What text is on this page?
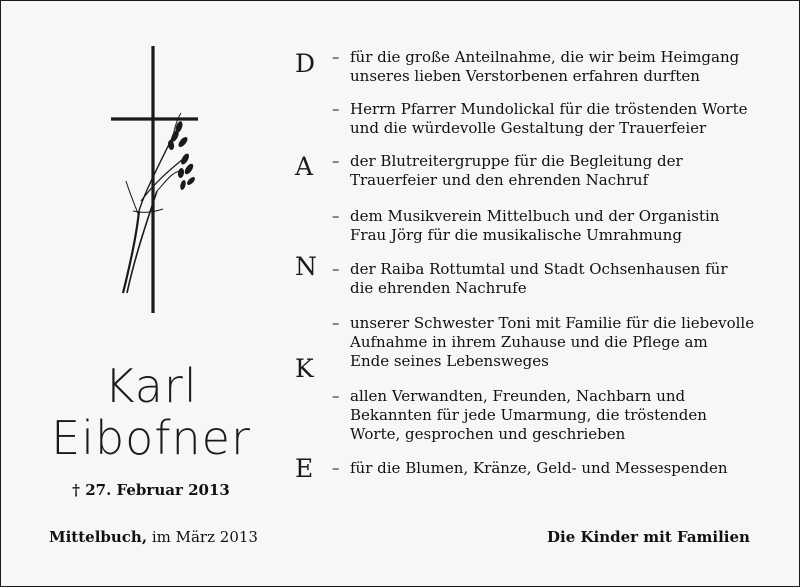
Karl
Eibofner
† 27. Februar 2013
Mittelbuch, im März 2013	Die Kinder mit Familien
D
A
N
K
E
– für die große Anteilnahme, die wir beim Heimgang
unseres lieben Verstorbenen erfahren durften
– Herrn Pfarrer Mundolickal für die tröstenden Worte
und die würdevolle Gestaltung der Trauerfeier
– der Blutreitergruppe für die Begleitung der
Trauerfeier und den ehrenden Nachruf
– dem Musikverein Mittelbuch und der Organistin
Frau Jörg für die musikalische Umrahmung
– der Raiba Rottumtal und Stadt Ochsenhausen für
die ehrenden Nachrufe
– unserer Schwester Toni mit Familie für die liebevolle
Aufnahme in ihrem Zuhause und die Pflege am
Ende seines Lebensweges
– allen Verwandten, Freunden, Nachbarn und
Bekannten für jede Umarmung, die tröstenden
Worte, gesprochen und geschrieben
– für die Blumen, Kränze, Geld- und Messespenden
